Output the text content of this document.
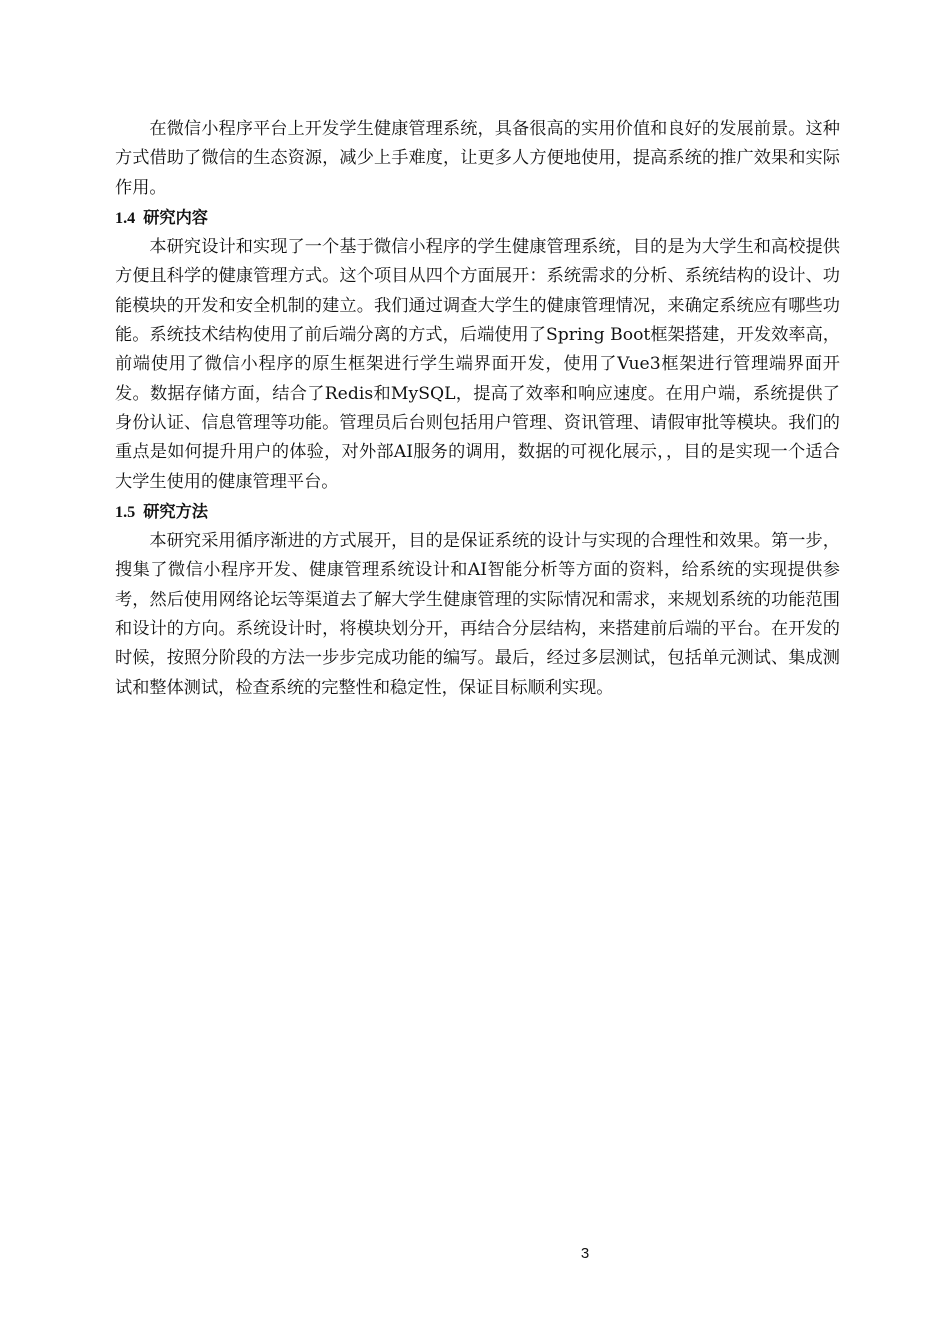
在微信小程序平台上开发学生健康管理系统，具备很高的实用价值和良好的发展前景。这种方式借助了微信的生态资源，减少上手难度，让更多人方便地使用，提高系统的推广效果和实际作用。

1.4 研究内容

本研究设计和实现了一个基于微信小程序的学生健康管理系统，目的是为大学生和高校提供方便且科学的健康管理方式。这个项目从四个方面展开：系统需求的分析、系统结构的设计、功能模块的开发和安全机制的建立。我们通过调查大学生的健康管理情况，来确定系统应有哪些功能。系统技术结构使用了前后端分离的方式，后端使用了Spring Boot框架搭建，开发效率高，前端使用了微信小程序的原生框架进行学生端界面开发，使用了Vue3框架进行管理端界面开发。数据存储方面，结合了Redis和MySQL，提高了效率和响应速度。在用户端，系统提供了身份认证、信息管理等功能。管理员后台则包括用户管理、资讯管理、请假审批等模块。我们的重点是如何提升用户的体验，对外部AI服务的调用，数据的可视化展示，，目的是实现一个适合大学生使用的健康管理平台。

1.5 研究方法

本研究采用循序渐进的方式展开，目的是保证系统的设计与实现的合理性和效果。第一步，搜集了微信小程序开发、健康管理系统设计和AI智能分析等方面的资料，给系统的实现提供参考，然后使用网络论坛等渠道去了解大学生健康管理的实际情况和需求，来规划系统的功能范围和设计的方向。系统设计时，将模块划分开，再结合分层结构，来搭建前后端的平台。在开发的时候，按照分阶段的方法一步步完成功能的编写。最后，经过多层测试，包括单元测试、集成测试和整体测试，检查系统的完整性和稳定性，保证目标顺利实现。

3
